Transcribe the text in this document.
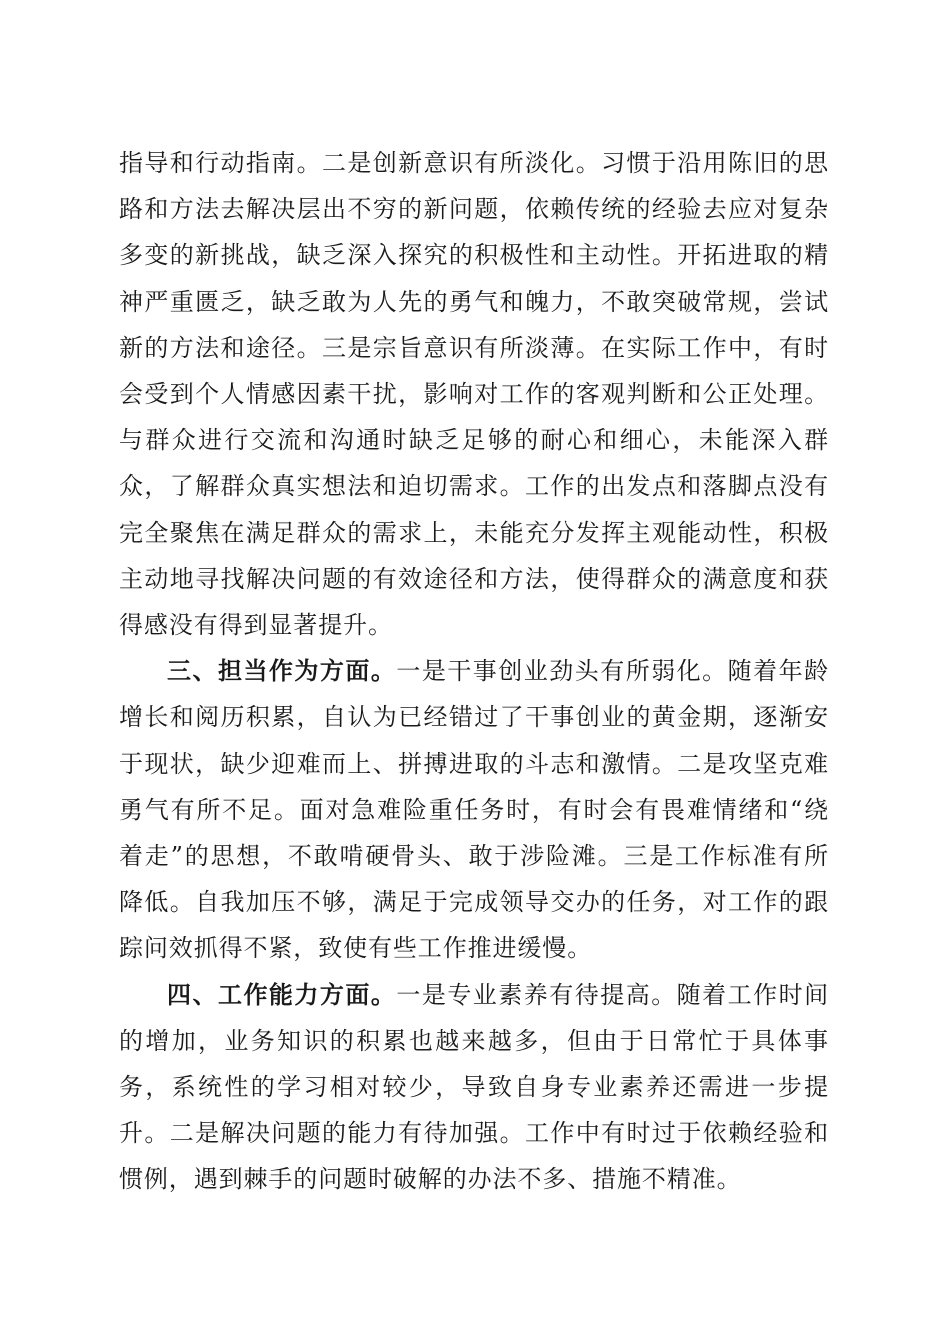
指导和行动指南。二是创新意识有所淡化。习惯于沿用陈旧的思路和方法去解决层出不穷的新问题，依赖传统的经验去应对复杂多变的新挑战，缺乏深入探究的积极性和主动性。开拓进取的精神严重匮乏，缺乏敢为人先的勇气和魄力，不敢突破常规，尝试新的方法和途径。三是宗旨意识有所淡薄。在实际工作中，有时会受到个人情感因素干扰，影响对工作的客观判断和公正处理。与群众进行交流和沟通时缺乏足够的耐心和细心，未能深入群众，了解群众真实想法和迫切需求。工作的出发点和落脚点没有完全聚焦在满足群众的需求上，未能充分发挥主观能动性，积极主动地寻找解决问题的有效途径和方法，使得群众的满意度和获得感没有得到显著提升。

三、担当作为方面。一是干事创业劲头有所弱化。随着年龄增长和阅历积累，自认为已经错过了干事创业的黄金期，逐渐安于现状，缺少迎难而上、拼搏进取的斗志和激情。二是攻坚克难勇气有所不足。面对急难险重任务时，有时会有畏难情绪和“绕着走”的思想，不敢啃硬骨头、敢于涉险滩。三是工作标准有所降低。自我加压不够，满足于完成领导交办的任务，对工作的跟踪问效抓得不紧，致使有些工作推进缓慢。

四、工作能力方面。一是专业素养有待提高。随着工作时间的增加，业务知识的积累也越来越多，但由于日常忙于具体事务，系统性的学习相对较少，导致自身专业素养还需进一步提升。二是解决问题的能力有待加强。工作中有时过于依赖经验和惯例，遇到棘手的问题时破解的办法不多、措施不精准。
